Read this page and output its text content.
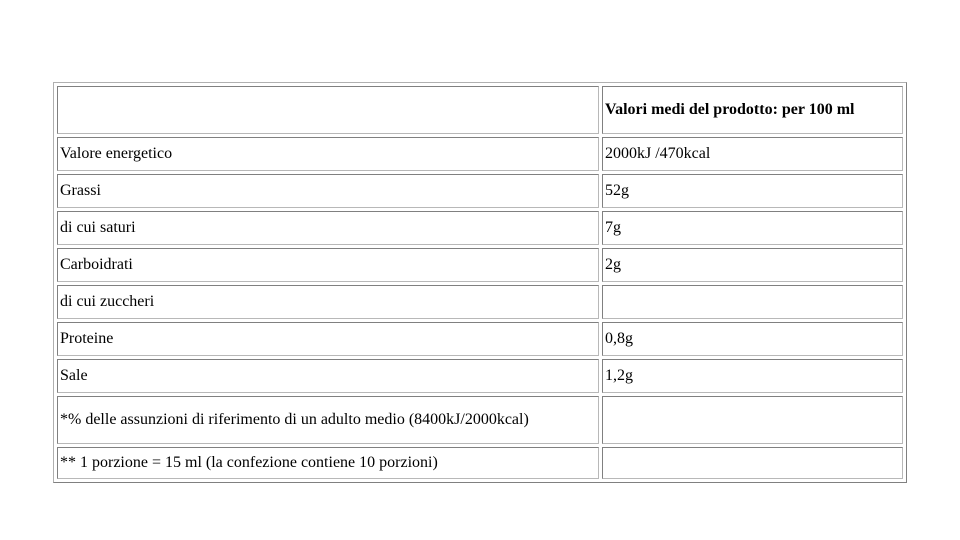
	Valori medi del prodotto: per 100 ml
Valore energetico	2000kJ /470kcal
Grassi	52g
di cui saturi	7g
Carboidrati	2g
di cui zuccheri	
Proteine	0,8g
Sale	1,2g
*% delle assunzioni di riferimento di un adulto medio (8400kJ/2000kcal)	
** 1 porzione = 15 ml (la confezione contiene 10 porzioni)	
